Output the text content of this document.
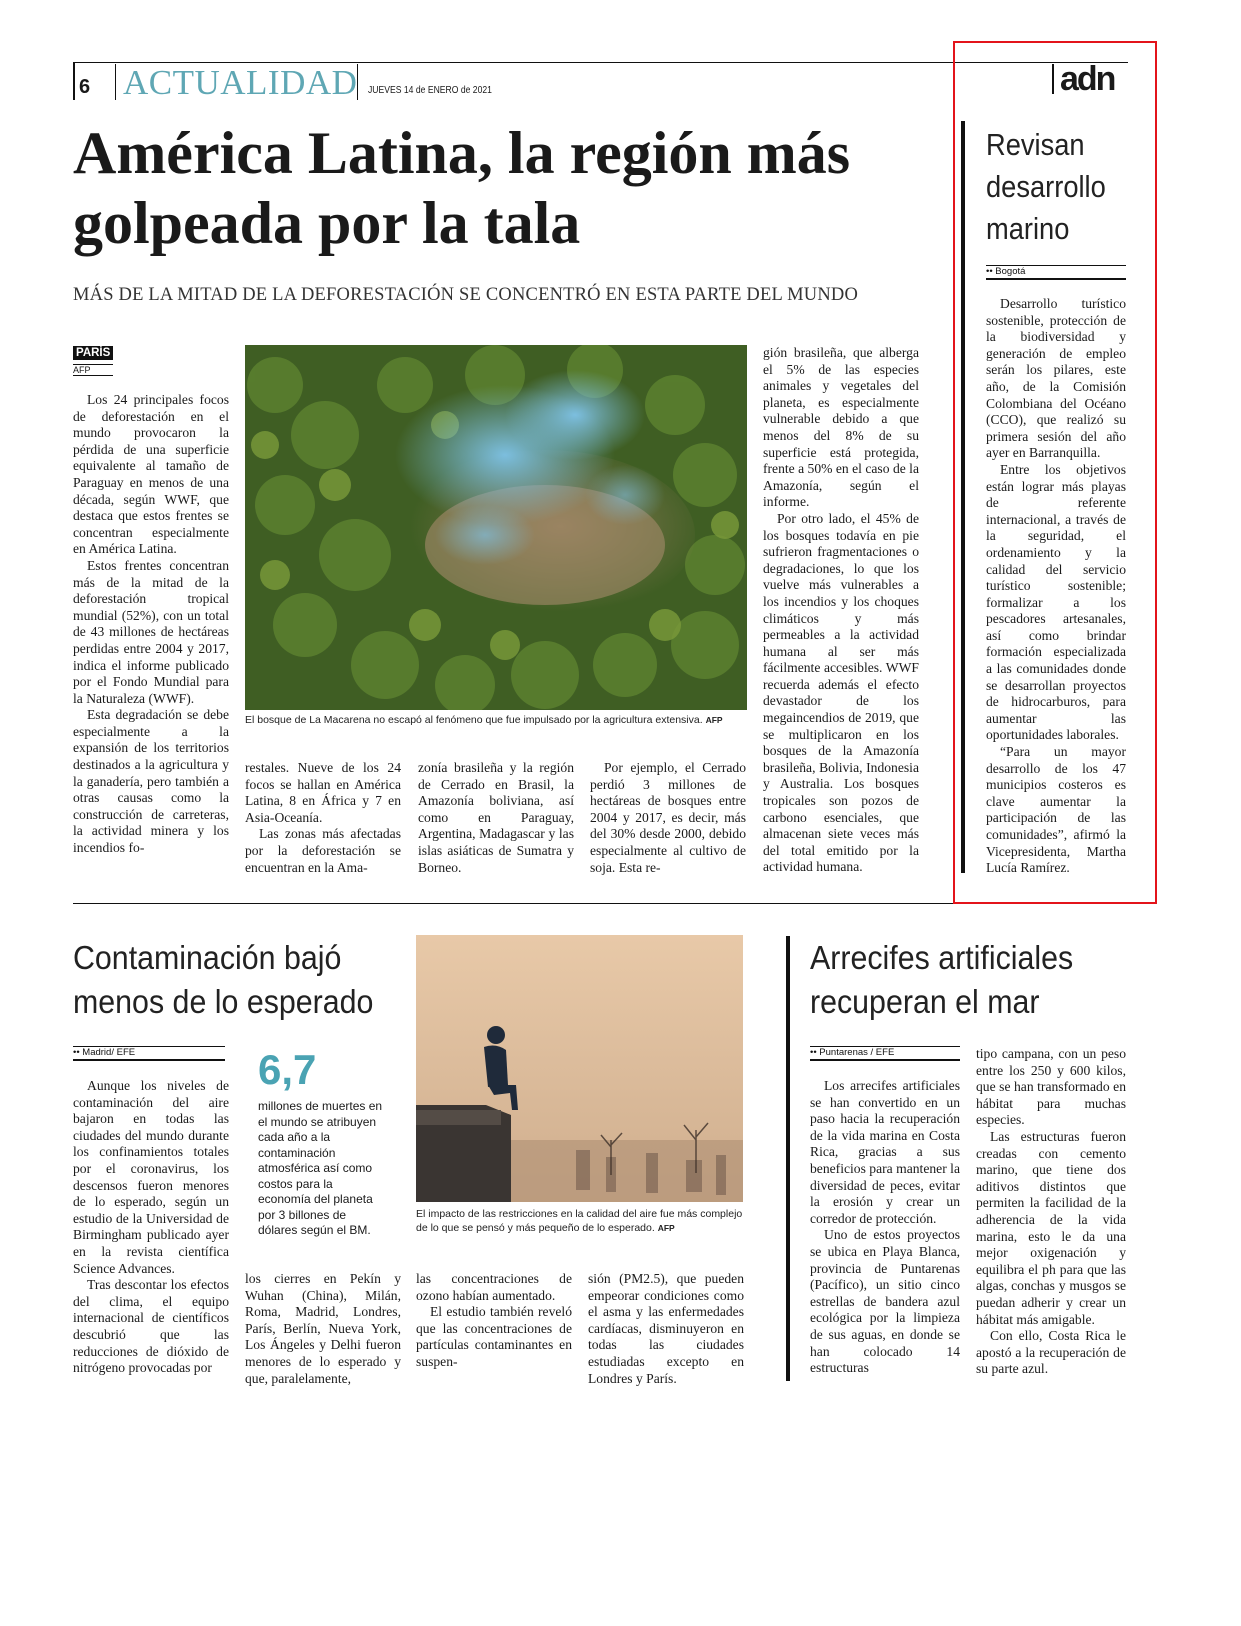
6 ACTUALIDAD JUEVES 14 de ENERO de 2021	adn
América Latina, la región más golpeada por la tala
MÁS DE LA MITAD DE LA DEFORESTACIÓN SE CONCENTRÓ EN ESTA PARTE DEL MUNDO
PARÍS
AFP
El bosque de La Macarena no escapó al fenómeno que fue impulsado por la agricultura extensiva. AFP

Los 24 principales focos de deforestación en el mundo provocaron la pérdida de una superficie equivalente al tamaño de Paraguay en menos de una década, según WWF, que destaca que estos frentes se concentran especialmente en América Latina.

Estos frentes concentran más de la mitad de la deforestación tropical mundial (52%), con un total de 43 millones de hectáreas perdidas entre 2004 y 2017, indica el informe publicado por el Fondo Mundial para la Naturaleza (WWF).

Esta degradación se debe especialmente a la expansión de los territorios destinados a la agricultura y la ganadería, pero también a otras causas como la construcción de carreteras, la actividad minera y los incendios fo-

restales. Nueve de los 24 focos se hallan en América Latina, 8 en África y 7 en Asia-Oceanía.

Las zonas más afectadas por la deforestación se encuentran en la Ama-

zonía brasileña y la región de Cerrado en Brasil, la Amazonía boliviana, así como en Paraguay, Argentina, Madagascar y las islas asiáticas de Sumatra y Borneo.

Por ejemplo, el Cerrado perdió 3 millones de hectáreas de bosques entre 2004 y 2017, es decir, más del 30% desde 2000, debido especialmente al cultivo de soja. Esta re-

gión brasileña, que alberga el 5% de las especies animales y vegetales del planeta, es especialmente vulnerable debido a que menos del 8% de su superficie está protegida, frente a 50% en el caso de la Amazonía, según el informe.

Por otro lado, el 45% de los bosques todavía en pie sufrieron fragmentaciones o degradaciones, lo que los vuelve más vulnerables a los incendios y los choques climáticos y más permeables a la actividad humana al ser más fácilmente accesibles. WWF recuerda además el efecto devastador de los megaincendios de 2019, que se multiplicaron en los bosques de la Amazonía brasileña, Bolivia, Indonesia y Australia. Los bosques tropicales son pozos de carbono esenciales, que almacenan siete veces más del total emitido por la actividad humana.

Revisan
desarrollo
marino
•• Bogotá

Desarrollo turístico sostenible, protección de la biodiversidad y generación de empleo serán los pilares, este año, de la Comisión Colombiana del Océano (CCO), que realizó su primera sesión del año ayer en Barranquilla.

Entre los objetivos están lograr más playas de referente internacional, a través de la seguridad, el ordenamiento y la calidad del servicio turístico sostenible; formalizar a los pescadores artesanales, así como brindar formación especializada a las comunidades donde se desarrollan proyectos de hidrocarburos, para aumentar las oportunidades laborales.

“Para un mayor desarrollo de los 47 municipios costeros es clave aumentar la participación de las comunidades”, afirmó la Vicepresidenta, Martha Lucía Ramírez.

Contaminación bajó
menos de lo esperado
•• Madrid/ EFE	6,7
millones de muertes en el mundo se atribuyen cada año a la contaminación atmosférica así como costos para la economía del planeta por 3 billones de dólares según el BM.
El impacto de las restricciones en la calidad del aire fue más complejo de lo que se pensó y más pequeño de lo esperado. AFP

Aunque los niveles de contaminación del aire bajaron en todas las ciudades del mundo durante los confinamientos totales por el coronavirus, los descensos fueron menores de lo esperado, según un estudio de la Universidad de Birmingham publicado ayer en la revista científica Science Advances.

Tras descontar los efectos del clima, el equipo internacional de científicos descubrió que las reducciones de dióxido de nitrógeno provocadas por

los cierres en Pekín y Wuhan (China), Milán, Roma, Madrid, Londres, París, Berlín, Nueva York, Los Ángeles y Delhi fueron menores de lo esperado y que, paralelamente,

las concentraciones de ozono habían aumentado.

El estudio también reveló que las concentraciones de partículas contaminantes en suspen-

sión (PM2.5), que pueden empeorar condiciones como el asma y las enfermedades cardíacas, disminuyeron en todas las ciudades estudiadas excepto en Londres y París.

Arrecifes artificiales
recuperan el mar
•• Puntarenas / EFE

Los arrecifes artificiales se han convertido en un paso hacia la recuperación de la vida marina en Costa Rica, gracias a sus beneficios para mantener la diversidad de peces, evitar la erosión y crear un corredor de protección.

Uno de estos proyectos se ubica en Playa Blanca, provincia de Puntarenas (Pacífico), un sitio cinco estrellas de bandera azul ecológica por la limpieza de sus aguas, en donde se han colocado 14 estructuras

tipo campana, con un peso entre los 250 y 600 kilos, que se han transformado en hábitat para muchas especies.

Las estructuras fueron creadas con cemento marino, que tiene dos aditivos distintos que permiten la facilidad de la adherencia de la vida marina, esto le da una mejor oxigenación y equilibra el ph para que las algas, conchas y musgos se puedan adherir y crear un hábitat más amigable.

Con ello, Costa Rica le apostó a la recuperación de su parte azul.
